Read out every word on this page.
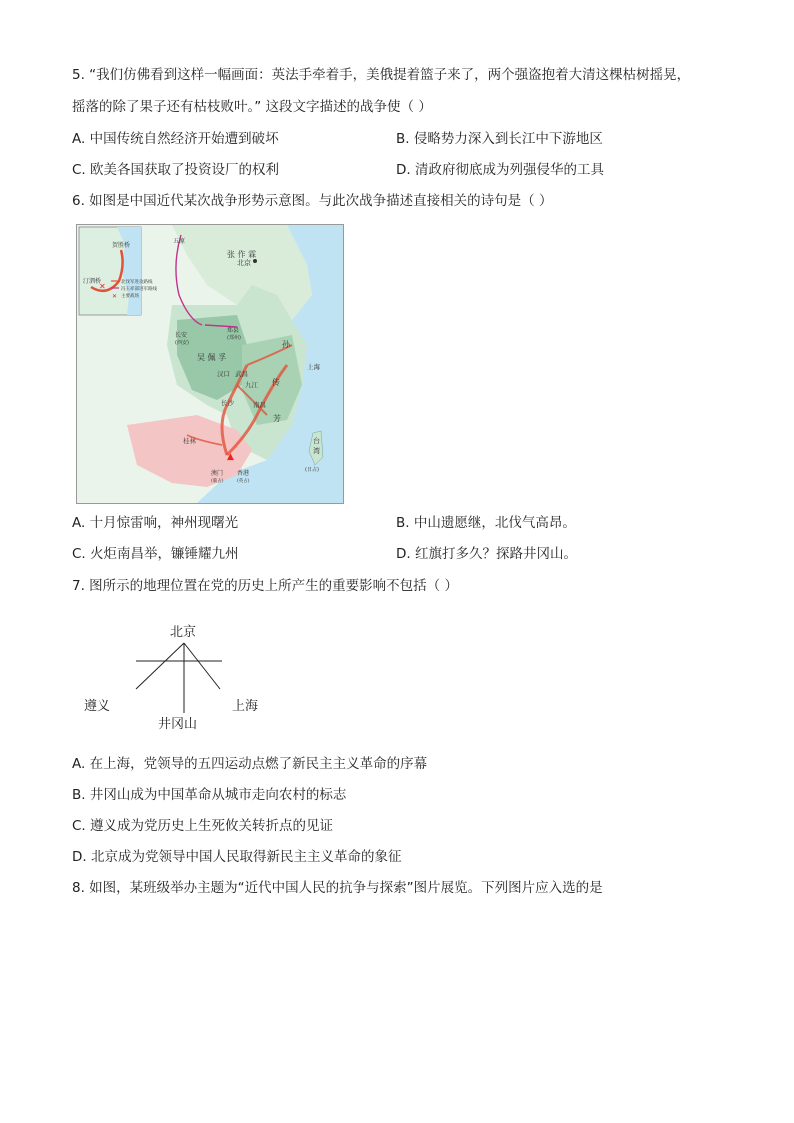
5. “我们仿佛看到这样一幅画面：英法手牵着手，美俄提着篮子来了，两个强盗抱着大清这棵枯树摇晃，
摇落的除了果子还有枯枝败叶。” 这段文字描述的战争使（ ）
A. 中国传统自然经济开始遭到破坏	B. 侵略势力深入到长江中下游地区
C. 欧美各国获取了投资设厂的权利	D. 清政府彻底成为列强侵华的工具
6. 如图是中国近代某次战争形势示意图。与此次战争描述直接相关的诗句是（ ）
贺胜桥
汀泗桥
✕	北伐军进攻路线
冯玉祥部进军路线
✕ 主要战场
张 作 霖
北京
五原
郑县
(郑州)
长安
(西安)
吴 佩 孚
汉口 武昌
九江
上海
长沙	南昌
孙
传
芳
桂林
▲
澳门
(葡占)
香港
(英占)
台
湾
(日占)
A. 十月惊雷响，神州现曙光	B. 中山遗愿继，北伐气高昂。
C. 火炬南昌举，镰锤耀九州	D. 红旗打多久？探路井冈山。
7. 图所示的地理位置在党的历史上所产生的重要影响不包括（ ）
北京
遵义
井冈山
上海
A. 在上海，党领导的五四运动点燃了新民主主义革命的序幕
B. 井冈山成为中国革命从城市走向农村的标志
C. 遵义成为党历史上生死攸关转折点的见证
D. 北京成为党领导中国人民取得新民主主义革命的象征
8. 如图，某班级举办主题为“近代中国人民的抗争与探索”图片展览。下列图片应入选的是
